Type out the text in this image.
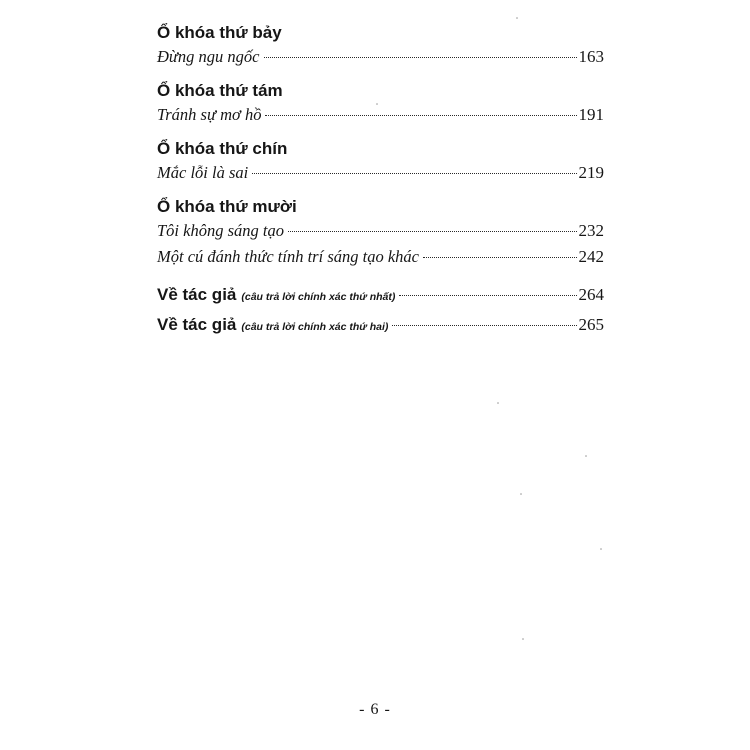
Ổ khóa thứ bảy
Đừng ngu ngốc	163
Ổ khóa thứ tám
Tránh sự mơ hồ	191
Ổ khóa thứ chín
Mắc lỗi là sai	219
Ổ khóa thứ mười
Tôi không sáng tạo	232
Một cú đánh thức tính trí sáng tạo khác	242
Về tác giả (câu trả lời chính xác thứ nhất)	264
Về tác giả (câu trả lời chính xác thứ hai)	265
- 6 -
